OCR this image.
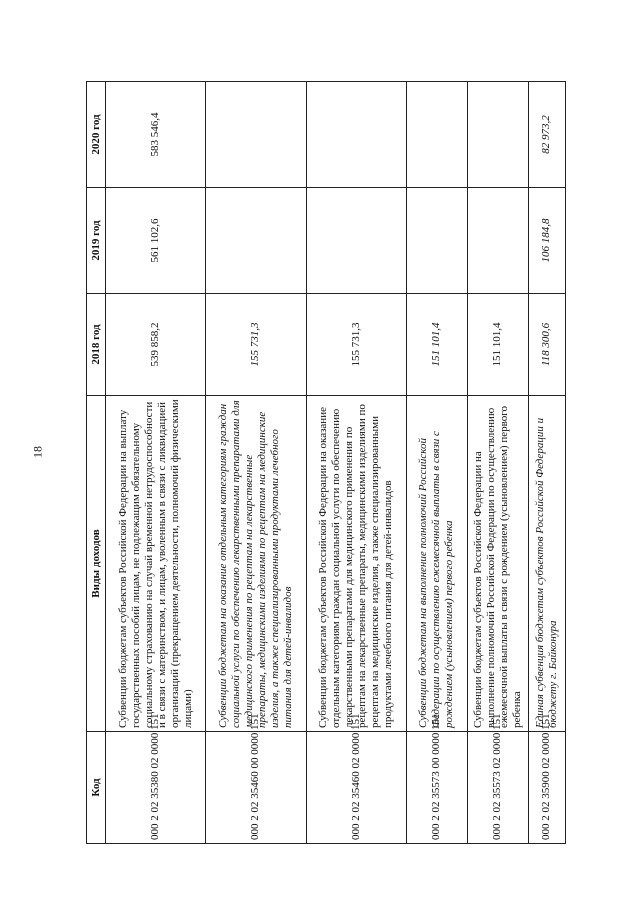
18
Код	Виды доходов	2018 год	2019 год	2020 год
000 2 02 35380 02 0000 151	Субвенции бюджетам субъектов Российской Федерации на выплату государственных пособий лицам, не подлежащим обязательному социальному страхованию на случай временной нетрудоспособности и в связи с материнством, и лицам, уволенным в связи с ликвидацией организаций (прекращением деятельности, полномочий физическими лицами)	539 858,2	561 102,6	583 546,4
000 2 02 35460 00 0000 151	Субвенции бюджетам на оказание отдельным категориям граждан социальной услуги по обеспечению лекарственными препаратами для медицинского применения по рецептам на лекарственные препараты, медицинскими изделиями по рецептам на медицинские изделия, а также специализированными продуктами лечебного питания для детей-инвалидов	155 731,3		
000 2 02 35460 02 0000 151	Субвенции бюджетам субъектов Российской Федерации на оказание отдельным категориям граждан социальной услуги по обеспечению лекарственными препаратами для медицинского применения по рецептам на лекарственные препараты, медицинскими изделиями по рецептам на медицинские изделия, а также специализированными продуктами лечебного питания для детей-инвалидов	155 731,3		
000 2 02 35573 00 0000 151	Субвенции бюджетам на выполнение полномочий Российской Федерации по осуществлению ежемесячной выплаты в связи с рождением (усыновлением) первого ребенка	151 101,4		
000 2 02 35573 02 0000 151	Субвенции бюджетам субъектов Российской Федерации на выполнение полномочий Российской Федерации по осуществлению ежемесячной выплаты в связи с рождением (усыновлением) первого ребенка	151 101,4		
000 2 02 35900 02 0000 151	Единая субвенция бюджетам субъектов Российской Федерации и бюджету г. Байконура	118 300,6	106 184,8	82 973,2
